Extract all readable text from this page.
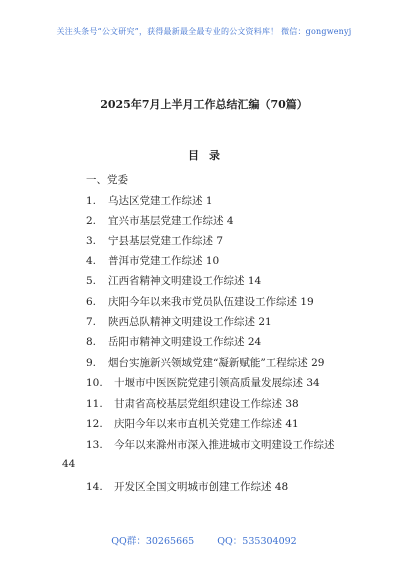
关注头条号“公文研究”，获得最新最全最专业的公文资料库！ 微信：gongwenyj
2025年7月上半月工作总结汇编（70篇）
目录
一、党委
1. 乌达区党建工作综述 1
2. 宜兴市基层党建工作综述 4
3. 宁县基层党建工作综述 7
4. 普洱市党建工作综述 10
5. 江西省精神文明建设工作综述 14
6. 庆阳今年以来我市党员队伍建设工作综述 19
7. 陕西总队精神文明建设工作综述 21
8. 岳阳市精神文明建设工作综述 24
9. 烟台实施新兴领域党建“凝新赋能”工程综述 29
10. 十堰市中医医院党建引领高质量发展综述 34
11. 甘肃省高校基层党组织建设工作综述 38
12. 庆阳今年以来市直机关党建工作综述 41
13. 今年以来滁州市深入推进城市文明建设工作综述
44
14. 开发区全国文明城市创建工作综述 48
QQ群：30265665 QQ：535304092
